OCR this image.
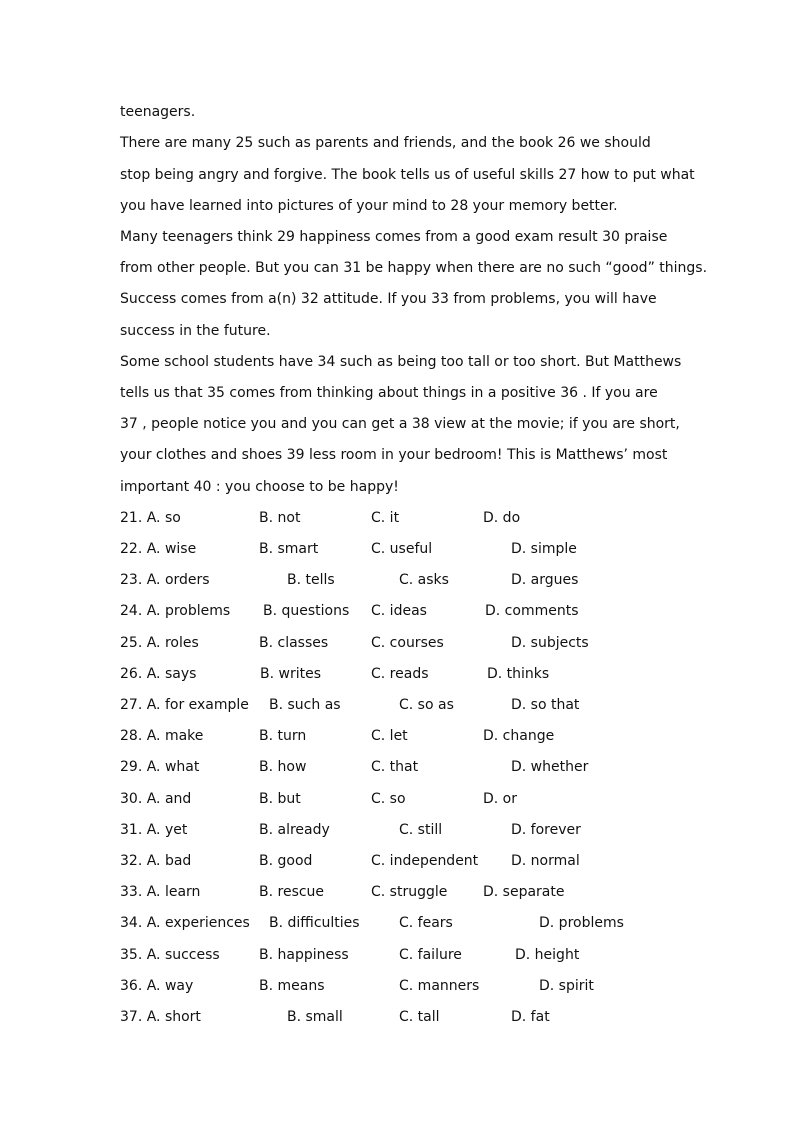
teenagers.
There are many 25 such as parents and friends, and the book 26 we should
stop being angry and forgive. The book tells us of useful skills 27 how to put what
you have learned into pictures of your mind to 28 your memory better.
Many teenagers think 29 happiness comes from a good exam result 30 praise
from other people. But you can 31 be happy when there are no such “good” things.
Success comes from a(n) 32 attitude. If you 33 from problems, you will have
success in the future.
Some school students have 34 such as being too tall or too short. But Matthews
tells us that 35 comes from thinking about things in a positive 36 . If you are
37 , people notice you and you can get a 38 view at the movie; if you are short,
your clothes and shoes 39 less room in your bedroom! This is Matthews’ most
important 40 : you choose to be happy!
21. A. so	B. not	C. it	D. do
22. A. wise	B. smart	C. useful	D. simple
23. A. orders	B. tells	C. asks	D. argues
24. A. problems B. questions C. ideas	D. comments
25. A. roles	B. classes	C. courses	D. subjects
26. A. says	B. writes	C. reads	D. thinks
27. A. for example B. such as	C. so as	D. so that
28. A. make	B. turn	C. let	D. change
29. A. what	B. how	C. that	D. whether
30. A. and	B. but	C. so	D. or
31. A. yet	B. already	C. still	D. forever
32. A. bad	B. good	C. independent D. normal
33. A. learn	B. rescue	C. struggle	D. separate
34. A. experiences B. difficulties	C. fears	D. problems
35. A. success	B. happiness	C. failure	D. height
36. A. way	B. means	C. manners	D. spirit
37. A. short	B. small	C. tall	D. fat
